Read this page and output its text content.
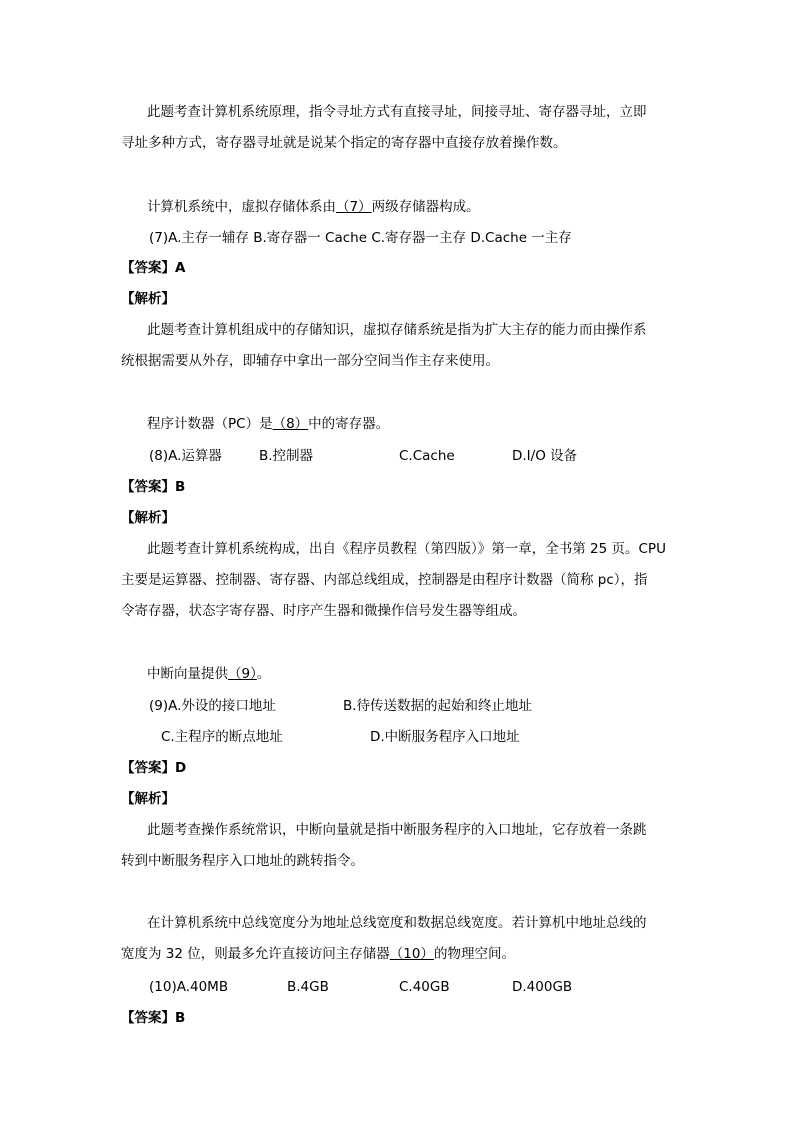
此题考查计算机系统原理，指令寻址方式有直接寻址，间接寻址、寄存器寻址，立即
寻址多种方式，寄存器寻址就是说某个指定的寄存器中直接存放着操作数。
计算机系统中，虚拟存储体系由（7）两级存储器构成。
(7)A.主存一辅存 B.寄存器一 Cache C.寄存器一主存 D.Cache 一主存
【答案】A
【解析】
此题考查计算机组成中的存储知识，虚拟存储系统是指为扩大主存的能力而由操作系
统根据需要从外存，即辅存中拿出一部分空间当作主存来使用。
程序计数器（PC）是（8）中的寄存器。
(8)A.运算器	B.控制器	C.Cache	D.I/O 设备
【答案】B
【解析】
此题考查计算机系统构成，出自《程序员教程（第四版）》第一章，全书第 25 页。CPU
主要是运算器、控制器、寄存器、内部总线组成，控制器是由程序计数器（简称 pc），指
令寄存器，状态字寄存器、时序产生器和微操作信号发生器等组成。
中断向量提供（9）。
(9)A.外设的接口地址	B.待传送数据的起始和终止地址
C.主程序的断点地址	D.中断服务程序入口地址
【答案】D
【解析】
此题考查操作系统常识，中断向量就是指中断服务程序的入口地址，它存放着一条跳
转到中断服务程序入口地址的跳转指令。
在计算机系统中总线宽度分为地址总线宽度和数据总线宽度。若计算机中地址总线的
宽度为 32 位，则最多允许直接访问主存储器（10）的物理空间。
(10)A.40MB	B.4GB	C.40GB	D.400GB
【答案】B
